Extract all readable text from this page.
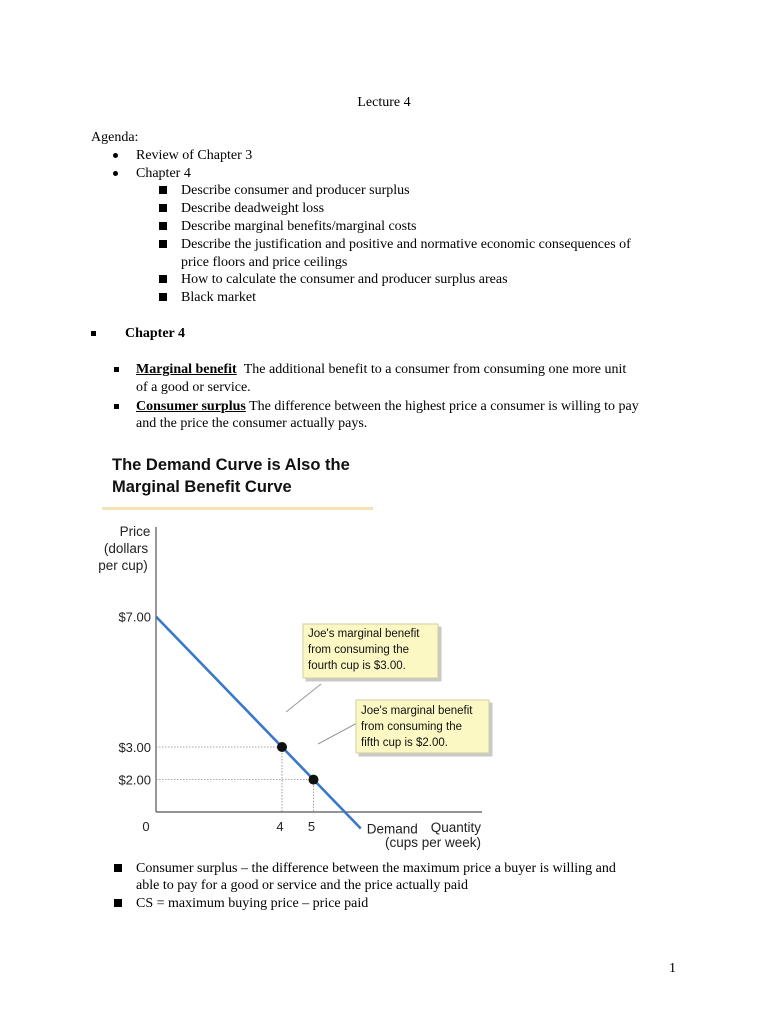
Lecture 4
Agenda:
Review of Chapter 3
Chapter 4
Describe consumer and producer surplus
Describe deadweight loss
Describe marginal benefits/marginal costs
Describe the justification and positive and normative economic consequences of
price floors and price ceilings
How to calculate the consumer and producer surplus areas
Black market
Chapter 4
Marginal benefit The additional benefit to a consumer from consuming one more unit
of a good or service.
Consumer surplus The difference between the highest price a consumer is willing to pay
and the price the consumer actually pays.
The Demand Curve is Also the
Marginal Benefit Curve
Price
(dollars
per cup)
Quantity
(cups per week)
Demand
$7.00
$3.00
$2.00
0	4 5
Joe's marginal benefit
from consuming the
fourth cup is $3.00.
Joe's marginal benefit
from consuming the
fifth cup is $2.00.
Consumer surplus – the difference between the maximum price a buyer is willing and
able to pay for a good or service and the price actually paid
CS = maximum buying price – price paid
1
